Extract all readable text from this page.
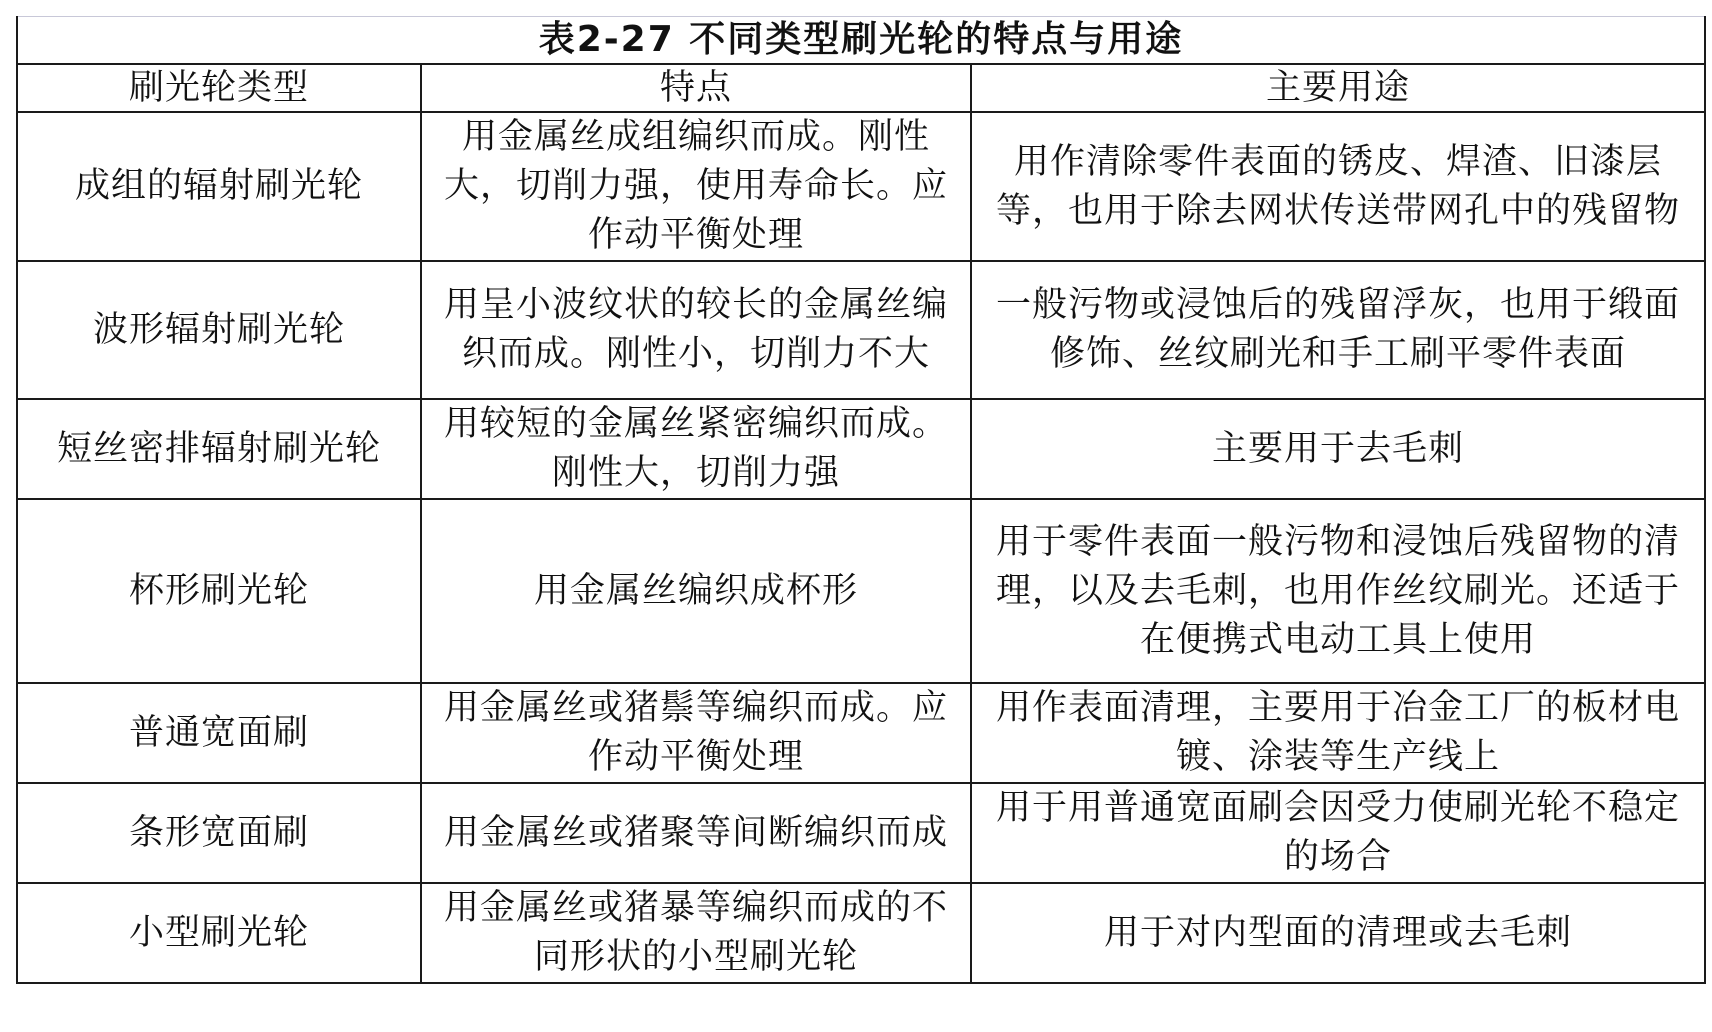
表2-27 不同类型刷光轮的特点与用途		
刷光轮类型	特点	主要用途
成组的辐射刷光轮	用金属丝成组编织而成。刚性大，切削力强，使用寿命长。应作动平衡处理	用作清除零件表面的锈皮、焊渣、旧漆层等，也用于除去网状传送带网孔中的残留物
波形辐射刷光轮	用呈小波纹状的较长的金属丝编织而成。刚性小，切削力不大	一般污物或浸蚀后的残留浮灰，也用于缎面修饰、丝纹刷光和手工刷平零件表面
短丝密排辐射刷光轮	用较短的金属丝紧密编织而成。刚性大，切削力强	主要用于去毛刺
杯形刷光轮	用金属丝编织成杯形	用于零件表面一般污物和浸蚀后残留物的清理，以及去毛刺，也用作丝纹刷光。还适于在便携式电动工具上使用
普通宽面刷	用金属丝或猪鬃等编织而成。应作动平衡处理	用作表面清理，主要用于冶金工厂的板材电镀、涂装等生产线上
条形宽面刷	用金属丝或猪聚等间断编织而成	用于用普通宽面刷会因受力使刷光轮不稳定的场合
小型刷光轮	用金属丝或猪暴等编织而成的不同形状的小型刷光轮	用于对内型面的清理或去毛刺
